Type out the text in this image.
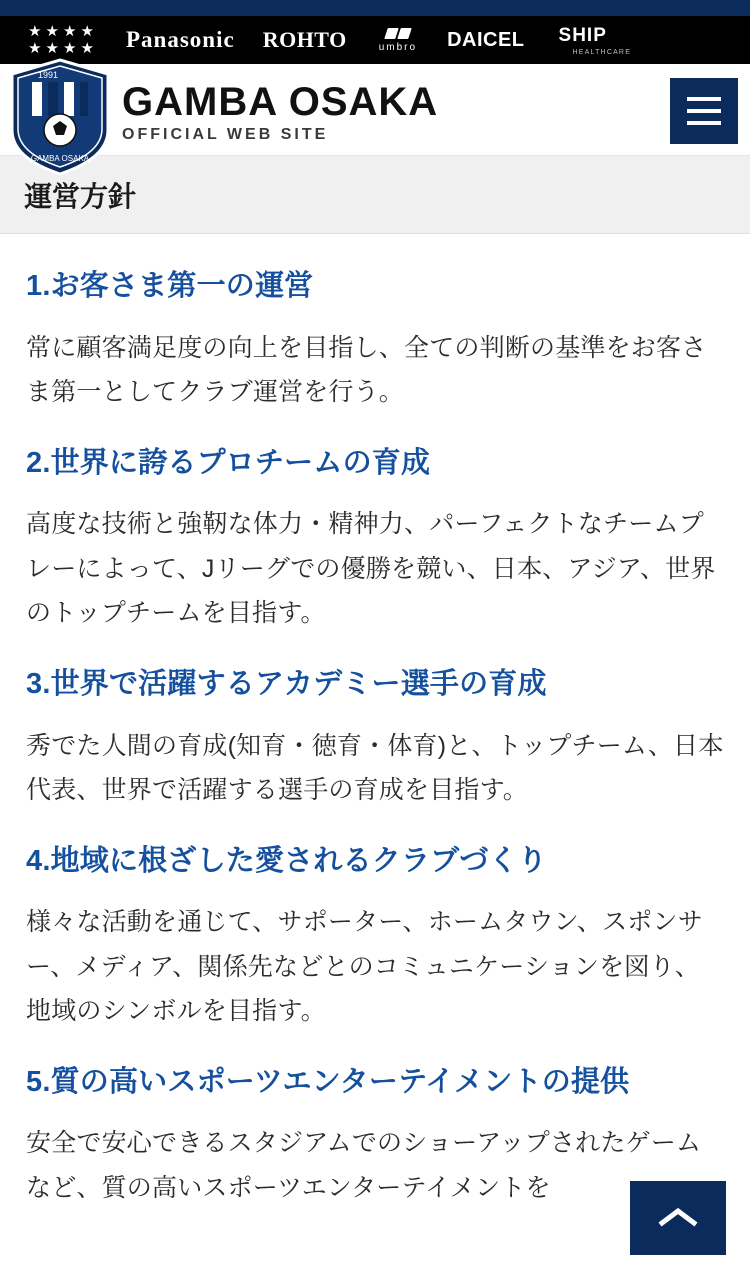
★ ★ ★ ★
★ ★ ★ ★ Panasonic ROHTO	umbro DAICEL SHIP
HEALTHCARE
1991
GAMBA OSAKA
GAMBA OSAKA
OFFICIAL WEB SITE
運営方針
1.お客さま第一の運営

常に顧客満足度の向上を目指し、全ての判断の基準をお客さま第一としてクラブ運営を行う。

2.世界に誇るプロチームの育成

高度な技術と強靭な体力・精神力、パーフェクトなチームプレーによって、Jリーグでの優勝を競い、日本、アジア、世界のトップチームを目指す。

3.世界で活躍するアカデミー選手の育成

秀でた人間の育成(知育・徳育・体育)と、トップチーム、日本代表、世界で活躍する選手の育成を目指す。

4.地域に根ざした愛されるクラブづくり

様々な活動を通じて、サポーター、ホームタウン、スポンサー、メディア、関係先などとのコミュニケーションを図り、地域のシンボルを目指す。

5.質の高いスポーツエンターテイメントの提供

安全で安心できるスタジアムでのショーアップされたゲームなど、質の高いスポーツエンターテイメントを
